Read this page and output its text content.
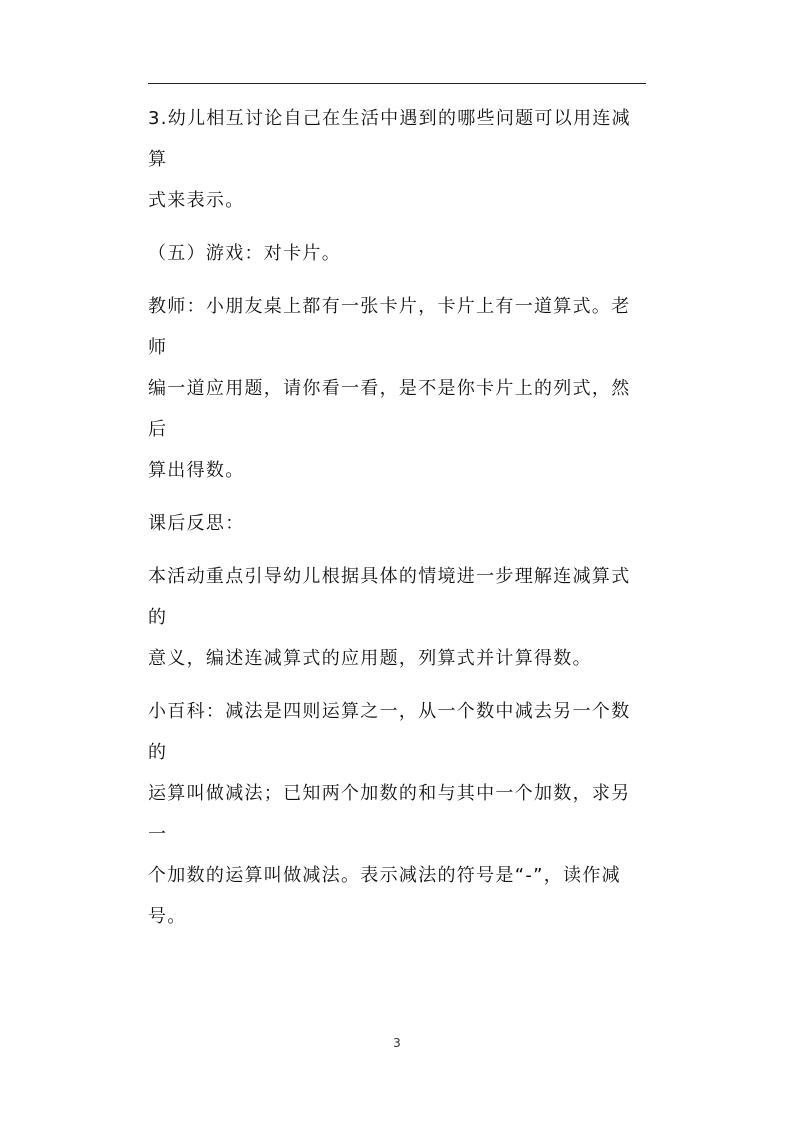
3.幼儿相互讨论自己在生活中遇到的哪些问题可以用连减算
式来表示。

（五）游戏：对卡片。

教师：小朋友桌上都有一张卡片，卡片上有一道算式。老师
编一道应用题，请你看一看，是不是你卡片上的列式，然后
算出得数。

课后反思：

本活动重点引导幼儿根据具体的情境进一步理解连减算式的
意义，编述连减算式的应用题，列算式并计算得数。

小百科：减法是四则运算之一，从一个数中减去另一个数的
运算叫做减法；已知两个加数的和与其中一个加数，求另一
个加数的运算叫做减法。表示减法的符号是“-”，读作减号。

3
